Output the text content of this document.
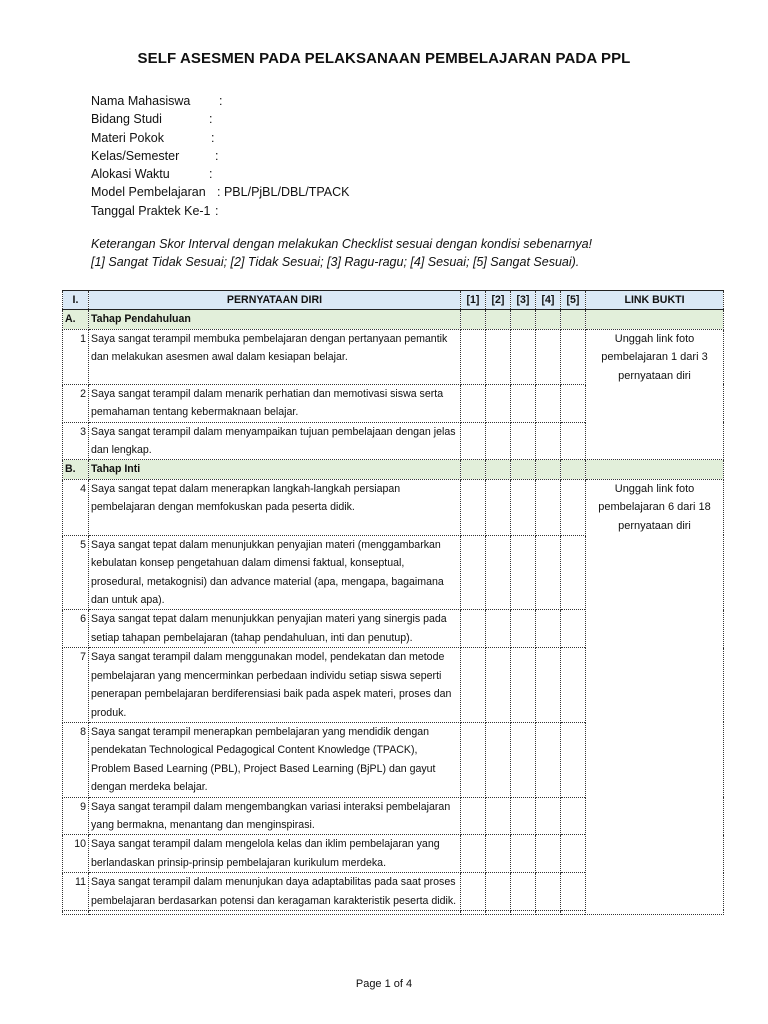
SELF ASESMEN PADA PELAKSANAAN PEMBELAJARAN PADA PPL
Nama Mahasiswa :
Bidang Studi	:
Materi Pokok	:
Kelas/Semester	:
Alokasi Waktu	:
Model Pembelajaran : PBL/PjBL/DBL/TPACK
Tanggal Praktek Ke-1 :
Keterangan Skor Interval dengan melakukan Checklist sesuai dengan kondisi sebenarnya!
[1] Sangat Tidak Sesuai; [2] Tidak Sesuai; [3] Ragu-ragu; [4] Sesuai; [5] Sangat Sesuai).
I.	PERNYATAAN DIRI	[1]	[2]	[3]	[4]	[5]	LINK BUKTI
A.	Tahap Pendahuluan						
1	Saya sangat terampil membuka pembelajaran dengan pertanyaan pemantik dan melakukan asesmen awal dalam kesiapan belajar.						Unggah link foto pembelajaran 1 dari 3 pernyataan diri
2	Saya sangat terampil dalam menarik perhatian dan memotivasi siswa serta pemahaman tentang kebermaknaan belajar.						
3	Saya sangat terampil dalam menyampaikan tujuan pembelajaan dengan jelas dan lengkap.						
B.	Tahap Inti						
4	Saya sangat tepat dalam menerapkan langkah-langkah persiapan pembelajaran dengan memfokuskan pada peserta didik.						Unggah link foto pembelajaran 6 dari 18 pernyataan diri
5	Saya sangat tepat dalam menunjukkan penyajian materi (menggambarkan kebulatan konsep pengetahuan dalam dimensi faktual, konseptual, prosedural, metakognisi) dan advance material (apa, mengapa, bagaimana dan untuk apa).						
6	Saya sangat tepat dalam menunjukkan penyajian materi yang sinergis pada setiap tahapan pembelajaran (tahap pendahuluan, inti dan penutup).						
7	Saya sangat terampil dalam menggunakan model, pendekatan dan metode pembelajaran yang mencerminkan perbedaan individu setiap siswa seperti penerapan pembelajaran berdiferensiasi baik pada aspek materi, proses dan produk.						
8	Saya sangat terampil menerapkan pembelajaran yang mendidik dengan pendekatan Technological Pedagogical Content Knowledge (TPACK), Problem Based Learning (PBL), Project Based Learning (BjPL) dan gayut dengan merdeka belajar.						
9	Saya sangat terampil dalam mengembangkan variasi interaksi pembelajaran yang bermakna, menantang dan menginspirasi.						
10	Saya sangat terampil dalam mengelola kelas dan iklim pembelajaran yang berlandaskan prinsip-prinsip pembelajaran kurikulum merdeka.						
11	Saya sangat terampil dalam menunjukan daya adaptabilitas pada saat proses pembelajaran berdasarkan potensi dan keragaman karakteristik peserta didik.						

Page 1 of 4
